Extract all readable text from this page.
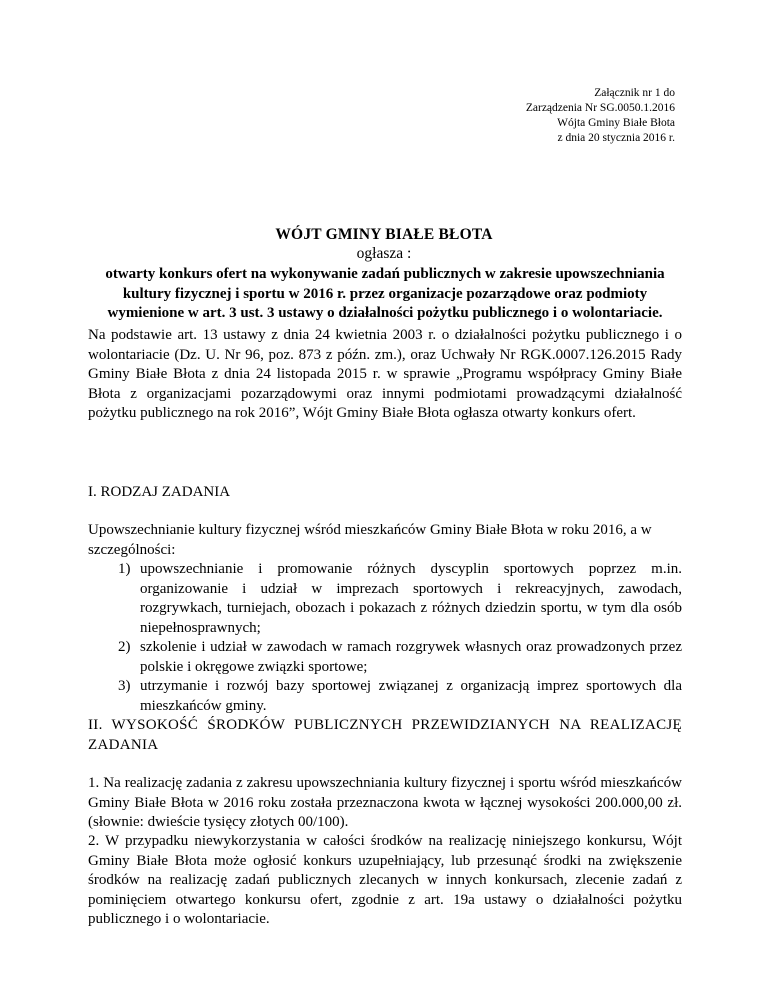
Załącznik nr 1 do
Zarządzenia Nr SG.0050.1.2016
Wójta Gminy Białe Błota
z dnia 20 stycznia 2016 r.
WÓJT GMINY BIAŁE BŁOTA
ogłasza :
otwarty konkurs ofert na wykonywanie zadań publicznych w zakresie upowszechniania kultury fizycznej i sportu w 2016 r. przez organizacje pozarządowe oraz podmioty wymienione w art. 3 ust. 3 ustawy o działalności pożytku publicznego i o wolontariacie.
Na podstawie art. 13 ustawy z dnia 24 kwietnia 2003 r. o działalności pożytku publicznego i o wolontariacie (Dz. U. Nr 96, poz. 873 z późn. zm.), oraz Uchwały Nr RGK.0007.126.2015 Rady Gminy Białe Błota z dnia 24 listopada 2015 r. w sprawie „Programu współpracy Gminy Białe Błota z organizacjami pozarządowymi oraz innymi podmiotami prowadzącymi działalność pożytku publicznego na rok 2016”, Wójt Gminy Białe Błota ogłasza otwarty konkurs ofert.
I. RODZAJ ZADANIA
Upowszechnianie kultury fizycznej wśród mieszkańców Gminy Białe Błota w roku 2016, a w szczególności:
1) upowszechnianie i promowanie różnych dyscyplin sportowych poprzez m.in. organizowanie i udział w imprezach sportowych i rekreacyjnych, zawodach, rozgrywkach, turniejach, obozach i pokazach z różnych dziedzin sportu, w tym dla osób niepełnosprawnych;
2) szkolenie i udział w zawodach w ramach rozgrywek własnych oraz prowadzonych przez polskie i okręgowe związki sportowe;
3) utrzymanie i rozwój bazy sportowej związanej z organizacją imprez sportowych dla mieszkańców gminy.
II. WYSOKOŚĆ ŚRODKÓW PUBLICZNYCH PRZEWIDZIANYCH NA REALIZACJĘ ZADANIA
1. Na realizację zadania z zakresu upowszechniania kultury fizycznej i sportu wśród mieszkańców Gminy Białe Błota w 2016 roku została przeznaczona kwota w łącznej wysokości 200.000,00 zł. (słownie: dwieście tysięcy złotych 00/100).
2. W przypadku niewykorzystania w całości środków na realizację niniejszego konkursu, Wójt Gminy Białe Błota może ogłosić konkurs uzupełniający, lub przesunąć środki na zwiększenie środków na realizację zadań publicznych zlecanych w innych konkursach, zlecenie zadań z pominięciem otwartego konkursu ofert, zgodnie z art. 19a ustawy o działalności pożytku publicznego i o wolontariacie.
